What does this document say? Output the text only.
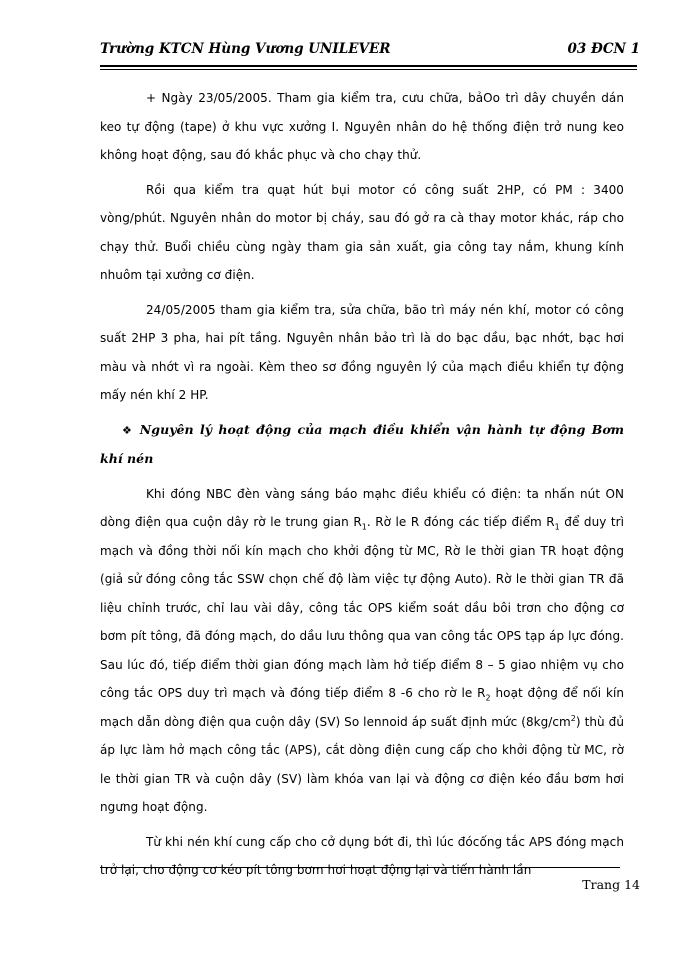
Trường KTCN Hùng Vương UNILEVER	03 ĐCN 1

+ Ngày 23/05/2005. Tham gia kiểm tra, cưu chữa, bảOo trì dây chuyền dán keo tự động (tape) ở khu vực xưởng I. Nguyên nhân do hệ thống điện trở nung keo không hoạt động, sau đó khắc phục và cho chạy thử.

Rồi qua kiểm tra quạt hút bụi motor có công suất 2HP, có PM : 3400 vòng/phút. Nguyên nhân do motor bị cháy, sau đó gở ra cà thay motor khác, ráp cho chạy thử. Buổi chiều cùng ngày tham gia sản xuất, gia công tay nắm, khung kính nhuôm tại xưởng cơ điện.

24/05/2005 tham gia kiểm tra, sửa chữa, bão trì máy nén khí, motor có công suất 2HP 3 pha, hai pít tầng. Nguyên nhân bảo trì là do bạc dầu, bạc nhớt, bạc hơi màu và nhớt vì ra ngoài. Kèm theo sơ đồng nguyên lý của mạch điều khiển tự động mấy nén khí 2 HP.

❖ Nguyên lý hoạt động của mạch điều khiển vận hành tự động Bơm khí nén

Khi đóng NBC đèn vàng sáng báo mạhc điều khiểu có điện: ta nhấn nút ON dòng điện qua cuộn dây rờ le trung gian $R_1$. Rờ le R đóng các tiếp điểm $R_1$ để duy trì mạch và đồng thời nối kín mạch cho khởi động từ MC, Rờ le thời gian TR hoạt động (giả sử đóng công tắc SSW chọn chế độ làm việc tự động Auto). Rờ le thời gian TR đã liệu chỉnh trước, chỉ lau vài dây, công tắc OPS kiểm soát dầu bôi trơn cho động cơ bơm pít tông, đã đóng mạch, do dầu lưu thông qua van công tắc OPS tạp áp lực đóng. Sau lúc đó, tiếp điểm thời gian đóng mạch làm hở tiếp điểm 8 – 5 giao nhiệm vụ cho công tắc OPS duy trì mạch và đóng tiếp điểm 8 -6 cho rờ le $R_2$ hoạt động để nối kín mạch dẫn dòng điện qua cuộn dây (SV) So lennoid áp suất định mức $(8kg/cm^2)$ thù đủ áp lực làm hở mạch công tắc (APS), cắt dòng điện cung cấp cho khởi động từ MC, rờ le thời gian TR và cuộn dây (SV) làm khóa van lại và động cơ điện kéo đầu bơm hơi ngưng hoạt động.

Từ khi nén khí cung cấp cho cở dụng bớt đi, thì lúc đócống tắc APS đóng mạch trở lại, cho động cơ kéo pít tông bơm hơi hoạt động lại và tiến hành lần

Trang 14
